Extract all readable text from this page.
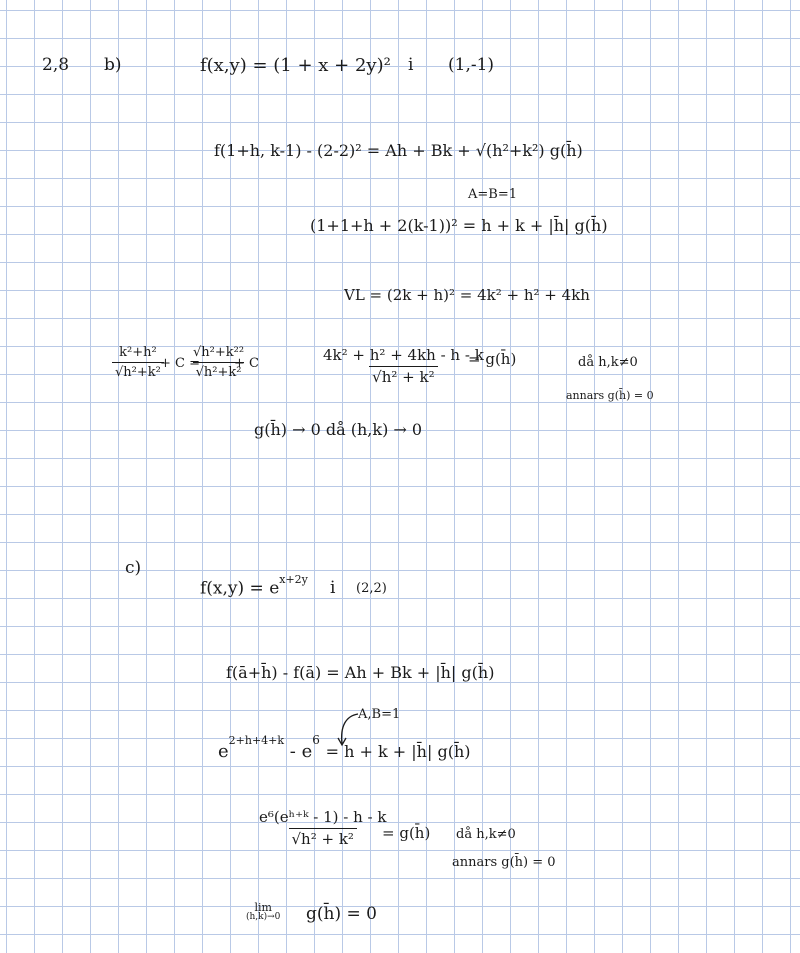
2,8 b)	f(x,y) = (1 + x + 2y)² i (1,-1)
f(1+h, k-1) - (2-2)² = Ah + Bk + √(h²+k²) g(h̄)
A=B=1
(1+1+h + 2(k-1))² = h + k + |h̄| g(h̄)
VL = (2k + h)² = 4k² + h² + 4kh
$\frac{\text{k²+h²}}{\text{√h²+k²}}$
+ C =
$\frac{\text{√h²+k²²}}{\text{√h²+k²}}$
+ C	$\frac{\text{4k² + h² + 4kh - h - k}}{\text{√h² + k²}}$
= g(h̄)	då h,k≠0
annars g(h̄) = 0
g(h̄) → 0 då (h,k) → 0
c)
$f(x,y) = e^{x+2y}$ i (2,2)
f(ā+h̄) - f(ā) = Ah + Bk + |h̄| g(h̄)
A,B=1
$e^{2+h+4+k} - e^6 = h + k$ + |h̄| g(h̄)
$\frac{\text{e⁶(eʰ⁺ᵏ - 1) - h - k}}{\text{√h² + k²}}$
= g(h̄) då h,k≠0
annars g(h̄) = 0
lim
(h,k)→0 g(h̄) = 0
